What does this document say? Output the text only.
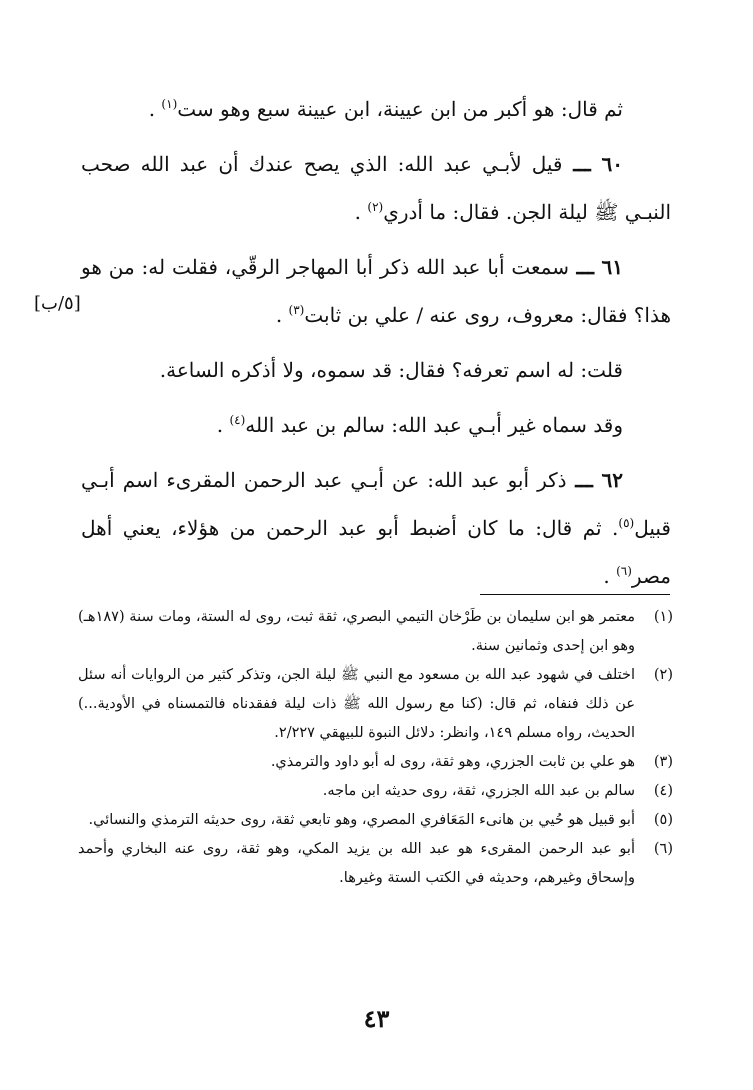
ثم قال: هو أكبر من ابن عيينة، ابن عيينة سبع وهو ست$^{(١)}$ .

٦٠ ـــ قيل لأبـي عبد الله: الذي يصح عندك أن عبد الله صحب النبـي ﷺ ليلة الجن. فقال: ما أدري$^{(٢)}$ .

٦١ ـــ سمعت أبا عبد الله ذكر أبا المهاجر الرقّي، فقلت له: من هو هذا؟ فقال: معروف، روى عنه / علي بن ثابت$^{(٣)}$ .

قلت: له اسم تعرفه؟ فقال: قد سموه، ولا أذكره الساعة.

وقد سماه غير أبـي عبد الله: سالم بن عبد الله$^{(٤)}$ .

٦٢ ـــ ذكر أبو عبد الله: عن أبـي عبد الرحمن المقرىء اسم أبـي قبيل$^{(٥)}$. ثم قال: ما كان أضبط أبو عبد الرحمن من هؤلاء، يعني أهل مصر$^{(٦)}$ .

[٥/ب]

(١)
معتمر هو ابن سليمان بن طَرْخان التيمي البصري، ثقة ثبت، روى له الستة، ومات سنة (١٨٧هـ) وهو ابن إحدى وثمانين سنة.

(٢)
اختلف في شهود عبد الله بن مسعود مع النبي ﷺ ليلة الجن، وتذكر كثير من الروايات أنه سئل عن ذلك فنفاه، ثم قال: (كنا مع رسول الله ﷺ ذات ليلة ففقدناه فالتمسناه في الأودية...) الحديث، رواه مسلم ١٤٩، وانظر: دلائل النبوة للبيهقي ٢/٢٢٧.

(٣)
هو علي بن ثابت الجزري، وهو ثقة، روى له أبو داود والترمذي.

(٤)
سالم بن عبد الله الجزري، ثقة، روى حديثه ابن ماجه.

(٥)
أبو قبيل هو حُيي بن هانىء المَعَافري المصري، وهو تابعي ثقة، روى حديثه الترمذي والنسائي.

(٦)
أبو عبد الرحمن المقرىء هو عبد الله بن يزيد المكي، وهو ثقة، روى عنه البخاري وأحمد وإسحاق وغيرهم، وحديثه في الكتب الستة وغيرها.

٤٣
